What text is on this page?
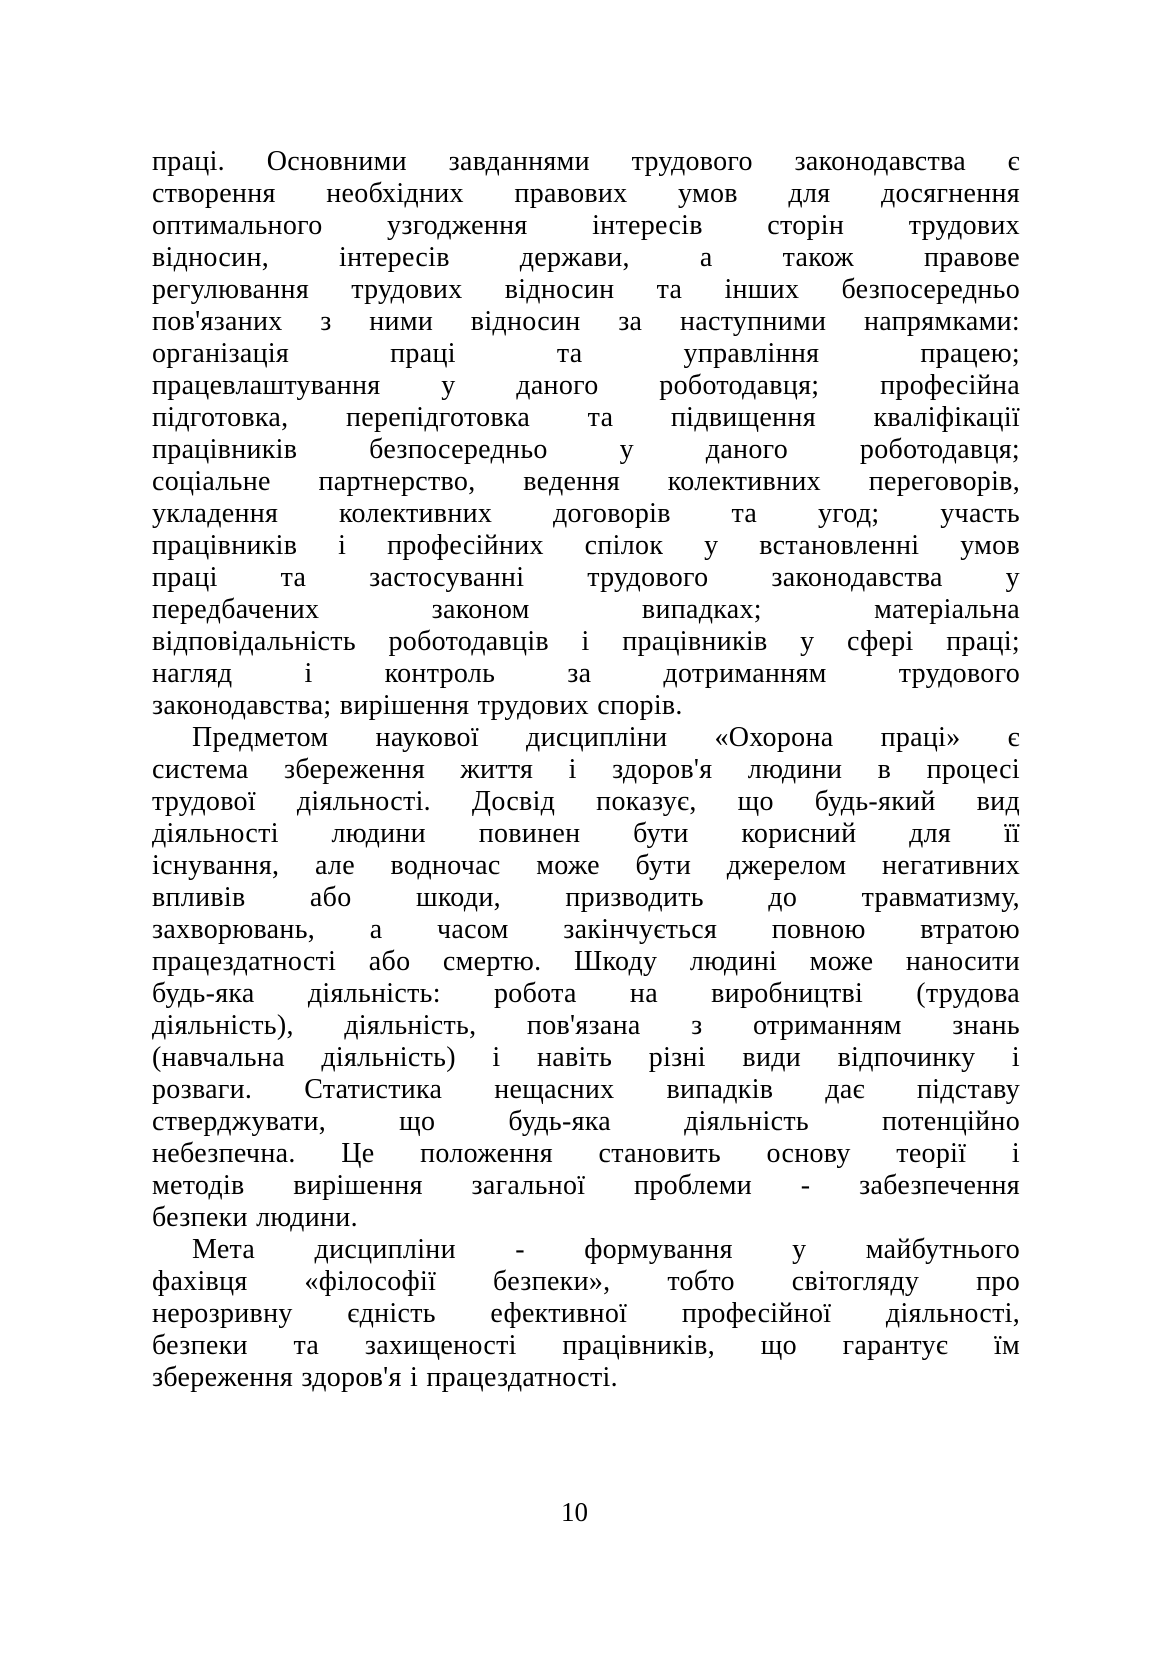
праці. Основними завданнями трудового законодавства є
створення необхідних правових умов для досягнення
оптимального узгодження інтересів сторін трудових
відносин, інтересів держави, а також правове
регулювання трудових відносин та інших безпосередньо
пов'язаних з ними відносин за наступними напрямками:
організація праці та управління працею;
працевлаштування у даного роботодавця; професійна
підготовка, перепідготовка та підвищення кваліфікації
працівників безпосередньо у даного роботодавця;
соціальне партнерство, ведення колективних переговорів,
укладення колективних договорів та угод; участь
працівників і професійних спілок у встановленні умов
праці та застосуванні трудового законодавства у
передбачених законом випадках; матеріальна
відповідальність роботодавців і працівників у сфері праці;
нагляд і контроль за дотриманням трудового
законодавства; вирішення трудових спорів.
Предметом наукової дисципліни «Охорона праці» є
система збереження життя і здоров'я людини в процесі
трудової діяльності. Досвід показує, що будь-який вид
діяльності людини повинен бути корисний для її
існування, але водночас може бути джерелом негативних
впливів або шкоди, призводить до травматизму,
захворювань, а часом закінчується повною втратою
працездатності або смертю. Шкоду людині може наносити
будь-яка діяльність: робота на виробництві (трудова
діяльність), діяльність, пов'язана з отриманням знань
(навчальна діяльність) і навіть різні види відпочинку і
розваги. Статистика нещасних випадків дає підставу
стверджувати, що будь-яка діяльність потенційно
небезпечна. Це положення становить основу теорії і
методів вирішення загальної проблеми - забезпечення
безпеки людини.
Мета дисципліни - формування у майбутнього
фахівця «філософії безпеки», тобто світогляду про
нерозривну єдність ефективної професійної діяльності,
безпеки та захищеності працівників, що гарантує їм
збереження здоров'я і працездатності.
10
